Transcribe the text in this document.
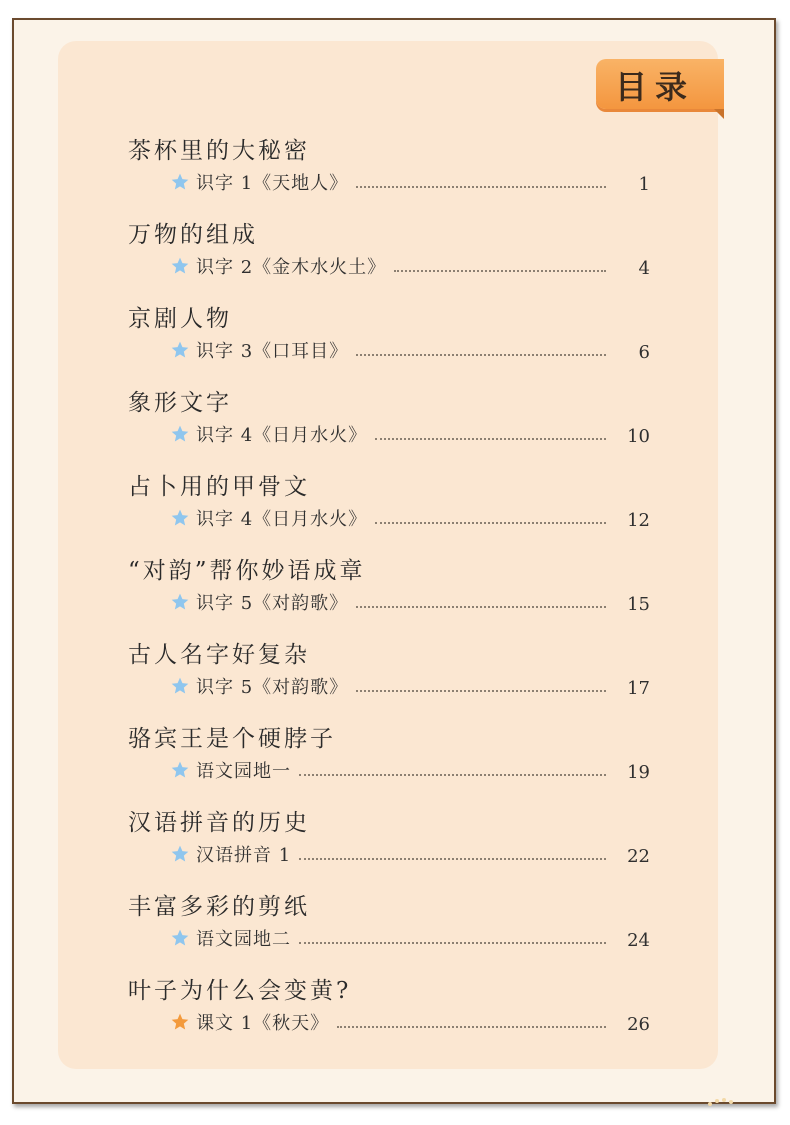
目录
茶杯里的大秘密
识字 1《天地人》	1
万物的组成
识字 2《金木水火土》	4
京剧人物
识字 3《口耳目》	6
象形文字
识字 4《日月水火》	10
占卜用的甲骨文
识字 4《日月水火》	12
“对韵”帮你妙语成章
识字 5《对韵歌》	15
古人名字好复杂
识字 5《对韵歌》	17
骆宾王是个硬脖子
语文园地一	19
汉语拼音的历史
汉语拼音 1	22
丰富多彩的剪纸
语文园地二	24
叶子为什么会变黄?
课文 1《秋天》	26
